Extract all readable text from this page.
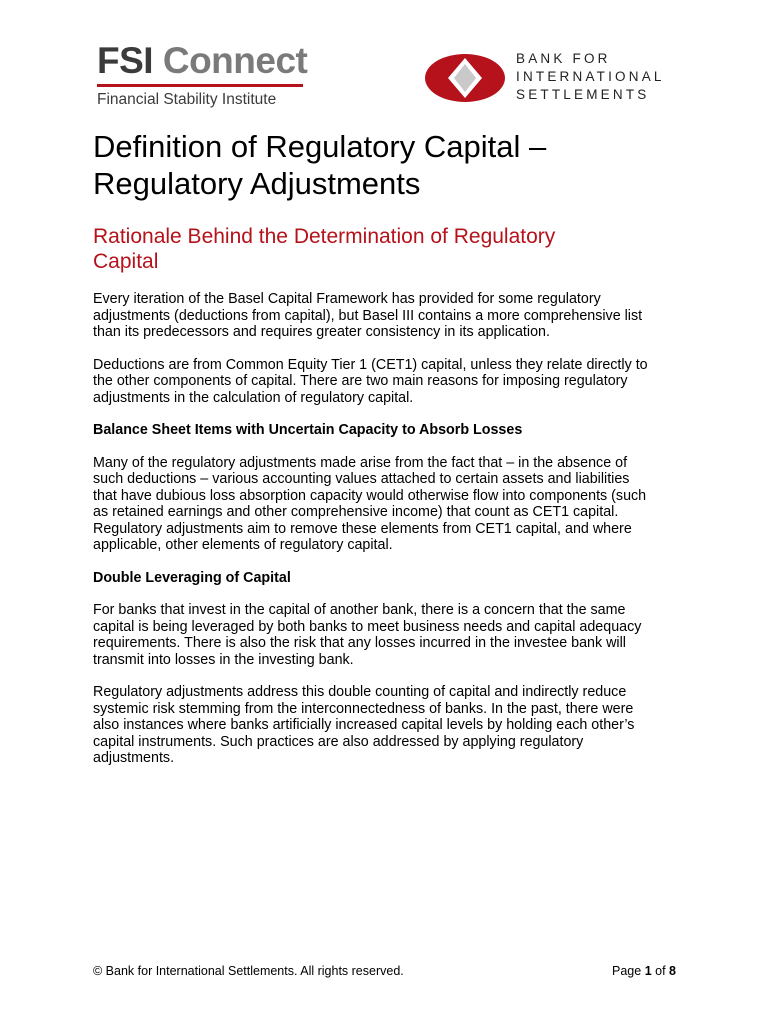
FSI Connect
Financial Stability Institute
BANK FOR
INTERNATIONAL
SETTLEMENTS
Definition of Regulatory Capital –
Regulatory Adjustments
Rationale Behind the Determination of Regulatory
Capital

Every iteration of the Basel Capital Framework has provided for some regulatory
adjustments (deductions from capital), but Basel III contains a more comprehensive list
than its predecessors and requires greater consistency in its application.

Deductions are from Common Equity Tier 1 (CET1) capital, unless they relate directly to
the other components of capital. There are two main reasons for imposing regulatory
adjustments in the calculation of regulatory capital.

Balance Sheet Items with Uncertain Capacity to Absorb Losses

Many of the regulatory adjustments made arise from the fact that – in the absence of
such deductions – various accounting values attached to certain assets and liabilities
that have dubious loss absorption capacity would otherwise flow into components (such
as retained earnings and other comprehensive income) that count as CET1 capital.
Regulatory adjustments aim to remove these elements from CET1 capital, and where
applicable, other elements of regulatory capital.

Double Leveraging of Capital

For banks that invest in the capital of another bank, there is a concern that the same
capital is being leveraged by both banks to meet business needs and capital adequacy
requirements. There is also the risk that any losses incurred in the investee bank will
transmit into losses in the investing bank.

Regulatory adjustments address this double counting of capital and indirectly reduce
systemic risk stemming from the interconnectedness of banks. In the past, there were
also instances where banks artificially increased capital levels by holding each other’s
capital instruments. Such practices are also addressed by applying regulatory
adjustments.

© Bank for International Settlements. All rights reserved.	Page 1 of 8
